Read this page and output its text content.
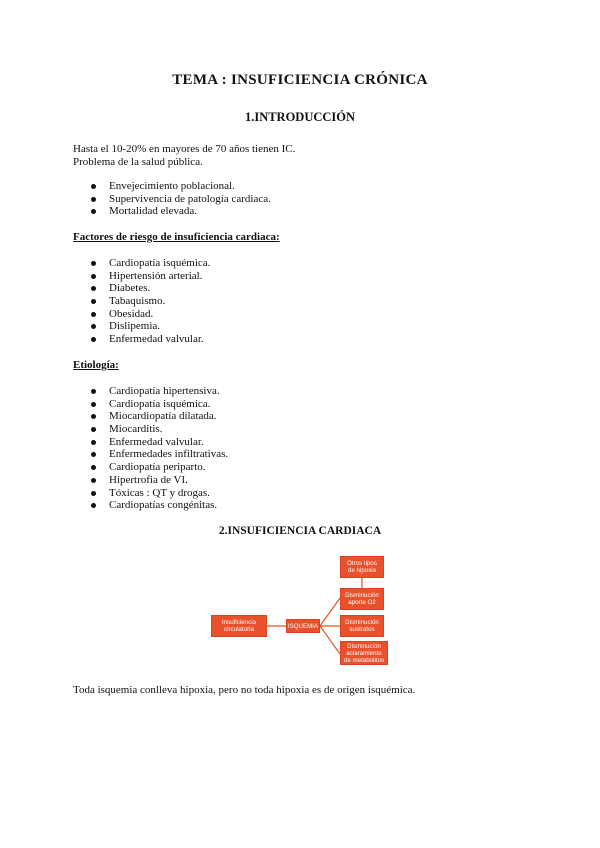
TEMA : INSUFICIENCIA CRÓNICA
1.INTRODUCCIÓN
Hasta el 10-20% en mayores de 70 años tienen IC.
Problema de la salud pública.
Envejecimiento poblacional.
Supervivencia de patología cardiaca.
Mortalidad elevada.
Factores de riesgo de insuficiencia cardiaca:
Cardiopatía isquémica.
Hipertensión arterial.
Diabetes.
Tabaquismo.
Obesidad.
Dislipemia.
Enfermedad valvular.
Etiología:
Cardiopatía hipertensiva.
Cardiopatía isquémica.
Miocardiopatía dilatada.
Miocarditis.
Enfermedad valvular.
Enfermedades infiltrativas.
Cardiopatía periparto.
Hipertrofia de VI.
Tóxicas : QT y drogas.
Cardiopatías congénitas.
2.INSUFICIENCIA CARDIACA
Insuficiencia circulatoria	ISQUEMIA
Otros tipos de hipoxia
Disminución aporte O2
Disminución sustratos
Disminución aclaramiento de metabolitos
Toda isquemia conlleva hipoxia, pero no toda hipoxia es de origen isquémica.
